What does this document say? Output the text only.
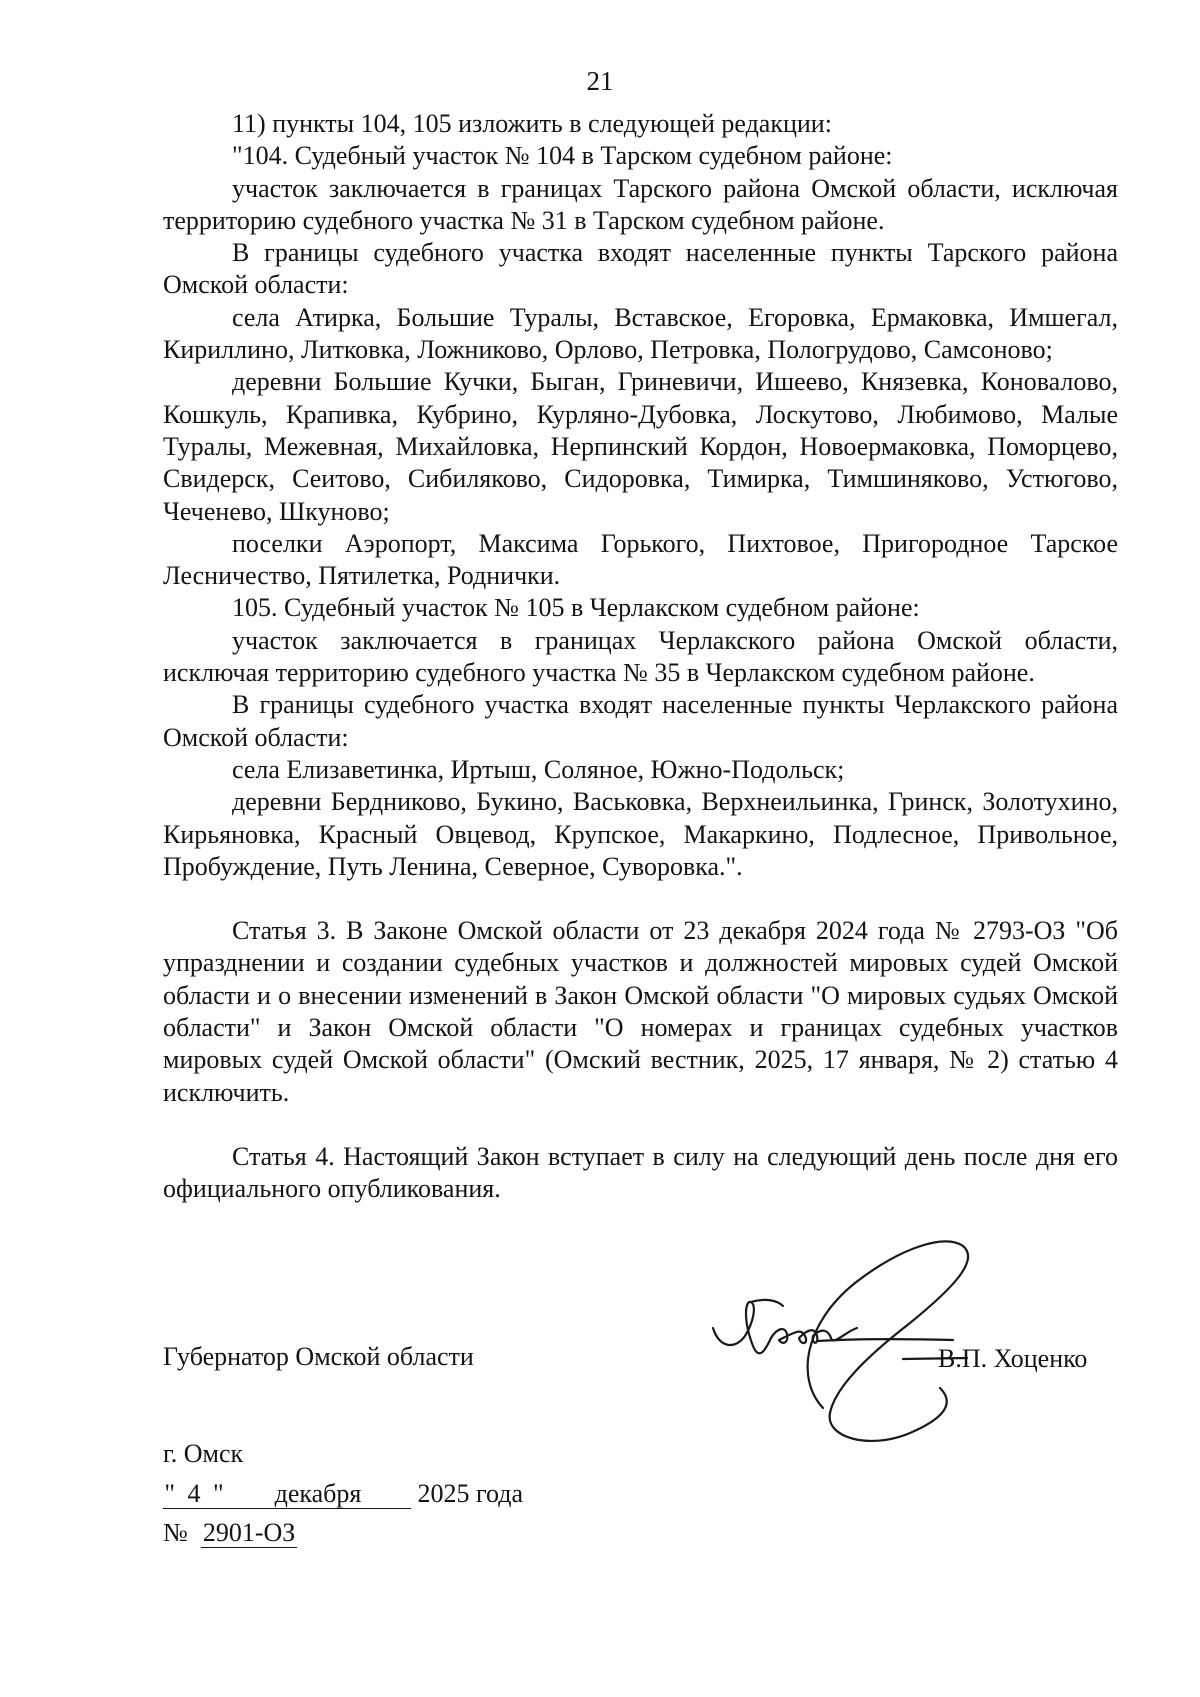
21

11) пункты 104, 105 изложить в следующей редакции:

"104. Судебный участок № 104 в Тарском судебном районе:

участок заключается в границах Тарского района Омской области, исключая территорию судебного участка № 31 в Тарском судебном районе.

В границы судебного участка входят населенные пункты Тарского района Омской области:

села Атирка, Большие Туралы, Вставское, Егоровка, Ермаковка, Имшегал, Кириллино, Литковка, Ложниково, Орлово, Петровка, Пологрудово, Самсоново;

деревни Большие Кучки, Быган, Гриневичи, Ишеево, Князевка, Коновалово, Кошкуль, Крапивка, Кубрино, Курляно-Дубовка, Лоскутово, Любимово, Малые Туралы, Межевная, Михайловка, Нерпинский Кордон, Новоермаковка, Поморцево, Свидерск, Сеитово, Сибиляково, Сидоровка, Тимирка, Тимшиняково, Устюгово, Чеченево, Шкуново;

поселки Аэропорт, Максима Горького, Пихтовое, Пригородное Тарское Лесничество, Пятилетка, Роднички.

105. Судебный участок № 105 в Черлакском судебном районе:

участок заключается в границах Черлакского района Омской области, исключая территорию судебного участка № 35 в Черлакском судебном районе.

В границы судебного участка входят населенные пункты Черлакского района Омской области:

села Елизаветинка, Иртыш, Соляное, Южно-Подольск;

деревни Бердниково, Букино, Васьковка, Верхнеильинка, Гринск, Золотухино, Кирьяновка, Красный Овцевод, Крупское, Макаркино, Подлесное, Привольное, Пробуждение, Путь Ленина, Северное, Суворовка.".

Статья 3. В Законе Омской области от 23 декабря 2024 года № 2793-ОЗ "Об упразднении и создании судебных участков и должностей мировых судей Омской области и о внесении изменений в Закон Омской области "О мировых судьях Омской области" и Закон Омской области "О номерах и границах судебных участков мировых судей Омской области" (Омский вестник, 2025, 17 января, № 2) статью 4 исключить.

Статья 4. Настоящий Закон вступает в силу на следующий день после дня его официального опубликования.

Губернатор Омской области	В.П. Хоценко
г. Омск
" 4 " декабря 2025 года
№ 2901-ОЗ
